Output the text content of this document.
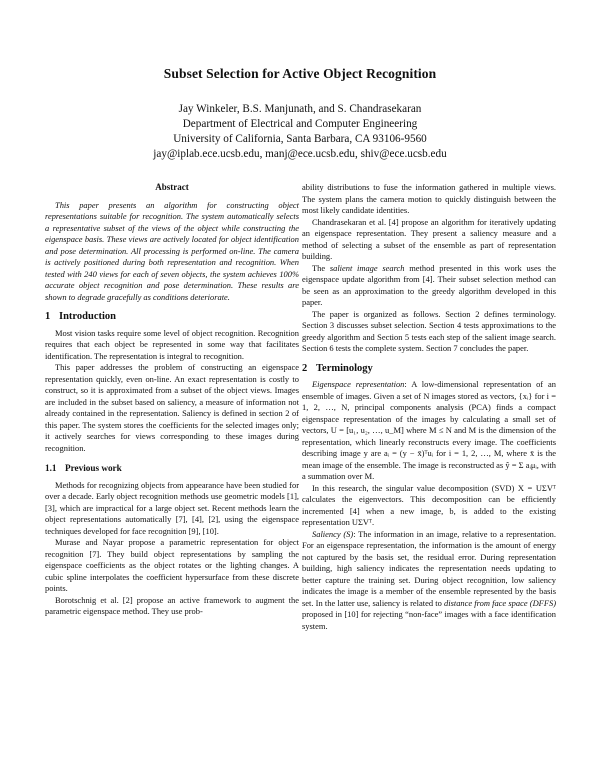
Subset Selection for Active Object Recognition
Jay Winkeler, B.S. Manjunath, and S. Chandrasekaran
Department of Electrical and Computer Engineering
University of California, Santa Barbara, CA 93106-9560
jay@iplab.ece.ucsb.edu, manj@ece.ucsb.edu, shiv@ece.ucsb.edu
Abstract

This paper presents an algorithm for constructing object representations suitable for recognition. The system automatically selects a representative subset of the views of the object while constructing the eigenspace basis. These views are actively located for object identification and pose determination. All processing is performed on-line. The camera is actively positioned during both representation and recognition. When tested with 240 views for each of seven objects, the system achieves 100% accurate object recognition and pose determination. These results are shown to degrade gracefully as conditions deteriorate.

1 Introduction

Most vision tasks require some level of object recognition. Recognition requires that each object be represented in some way that facilitates identification. The representation is integral to recognition.

This paper addresses the problem of constructing an eigenspace representation quickly, even on-line. An exact representation is costly to construct, so it is approximated from a subset of the object views. Images are included in the subset based on saliency, a measure of information not already contained in the representation. Saliency is defined in section 2 of this paper. The system stores the coefficients for the selected images only; it actively searches for views corresponding to these images during recognition.

1.1 Previous work

Methods for recognizing objects from appearance have been studied for over a decade. Early object recognition methods use geometric models [1], [3], which are impractical for a large object set. Recent methods learn the object representations automatically [7], [4], [2], using the eigenspace techniques developed for face recognition [9], [10].

Murase and Nayar propose a parametric representation for object recognition [7]. They build object representations by sampling the eigenspace coefficients as the object rotates or the lighting changes. A cubic spline interpolates the coefficient hypersurface from these discrete points.

Borotschnig et al. [2] propose an active framework to augment the parametric eigenspace method. They use prob-

ability distributions to fuse the information gathered in multiple views. The system plans the camera motion to quickly distinguish between the most likely candidate identities.

Chandrasekaran et al. [4] propose an algorithm for iteratively updating an eigenspace representation. They present a saliency measure and a method of selecting a subset of the ensemble as part of representation building.

The salient image search method presented in this work uses the eigenspace update algorithm from [4]. Their subset selection method can be seen as an approximation to the greedy algorithm developed in this paper.

The paper is organized as follows. Section 2 defines terminology. Section 3 discusses subset selection. Section 4 tests approximations to the greedy algorithm and Section 5 tests each step of the salient image search. Section 6 tests the complete system. Section 7 concludes the paper.

2 Terminology

Eigenspace representation: A low-dimensional representation of an ensemble of images. Given a set of N images stored as vectors, {xᵢ} for i = 1, 2, …, N, principal components analysis (PCA) finds a compact eigenspace representation of the images by calculating a small set of vectors, U = [u₁, u₂, …, u_M] where M ≤ N and M is the dimension of the representation, which linearly reconstructs every image. The coefficients describing image y are aᵢ = (y − x̄)ᵀuᵢ for i = 1, 2, …, M, where x̄ is the mean image of the ensemble. The image is reconstructed as ŷ = Σ aᵢμᵢ, with a summation over M.

In this research, the singular value decomposition (SVD) X = UΣVᵀ calculates the eigenvectors. This decomposition can be efficiently incremented [4] when a new image, b, is added to the existing representation UΣVᵀ.

Saliency (S): The information in an image, relative to a representation. For an eigenspace representation, the information is the amount of energy not captured by the basis set, the residual error. During representation building, high saliency indicates the representation needs updating to better capture the training set. During object recognition, low saliency indicates the image is a member of the ensemble represented by the basis set. In the latter use, saliency is related to distance from face space (DFFS) proposed in [10] for rejecting “non-face” images with a face identification system.
